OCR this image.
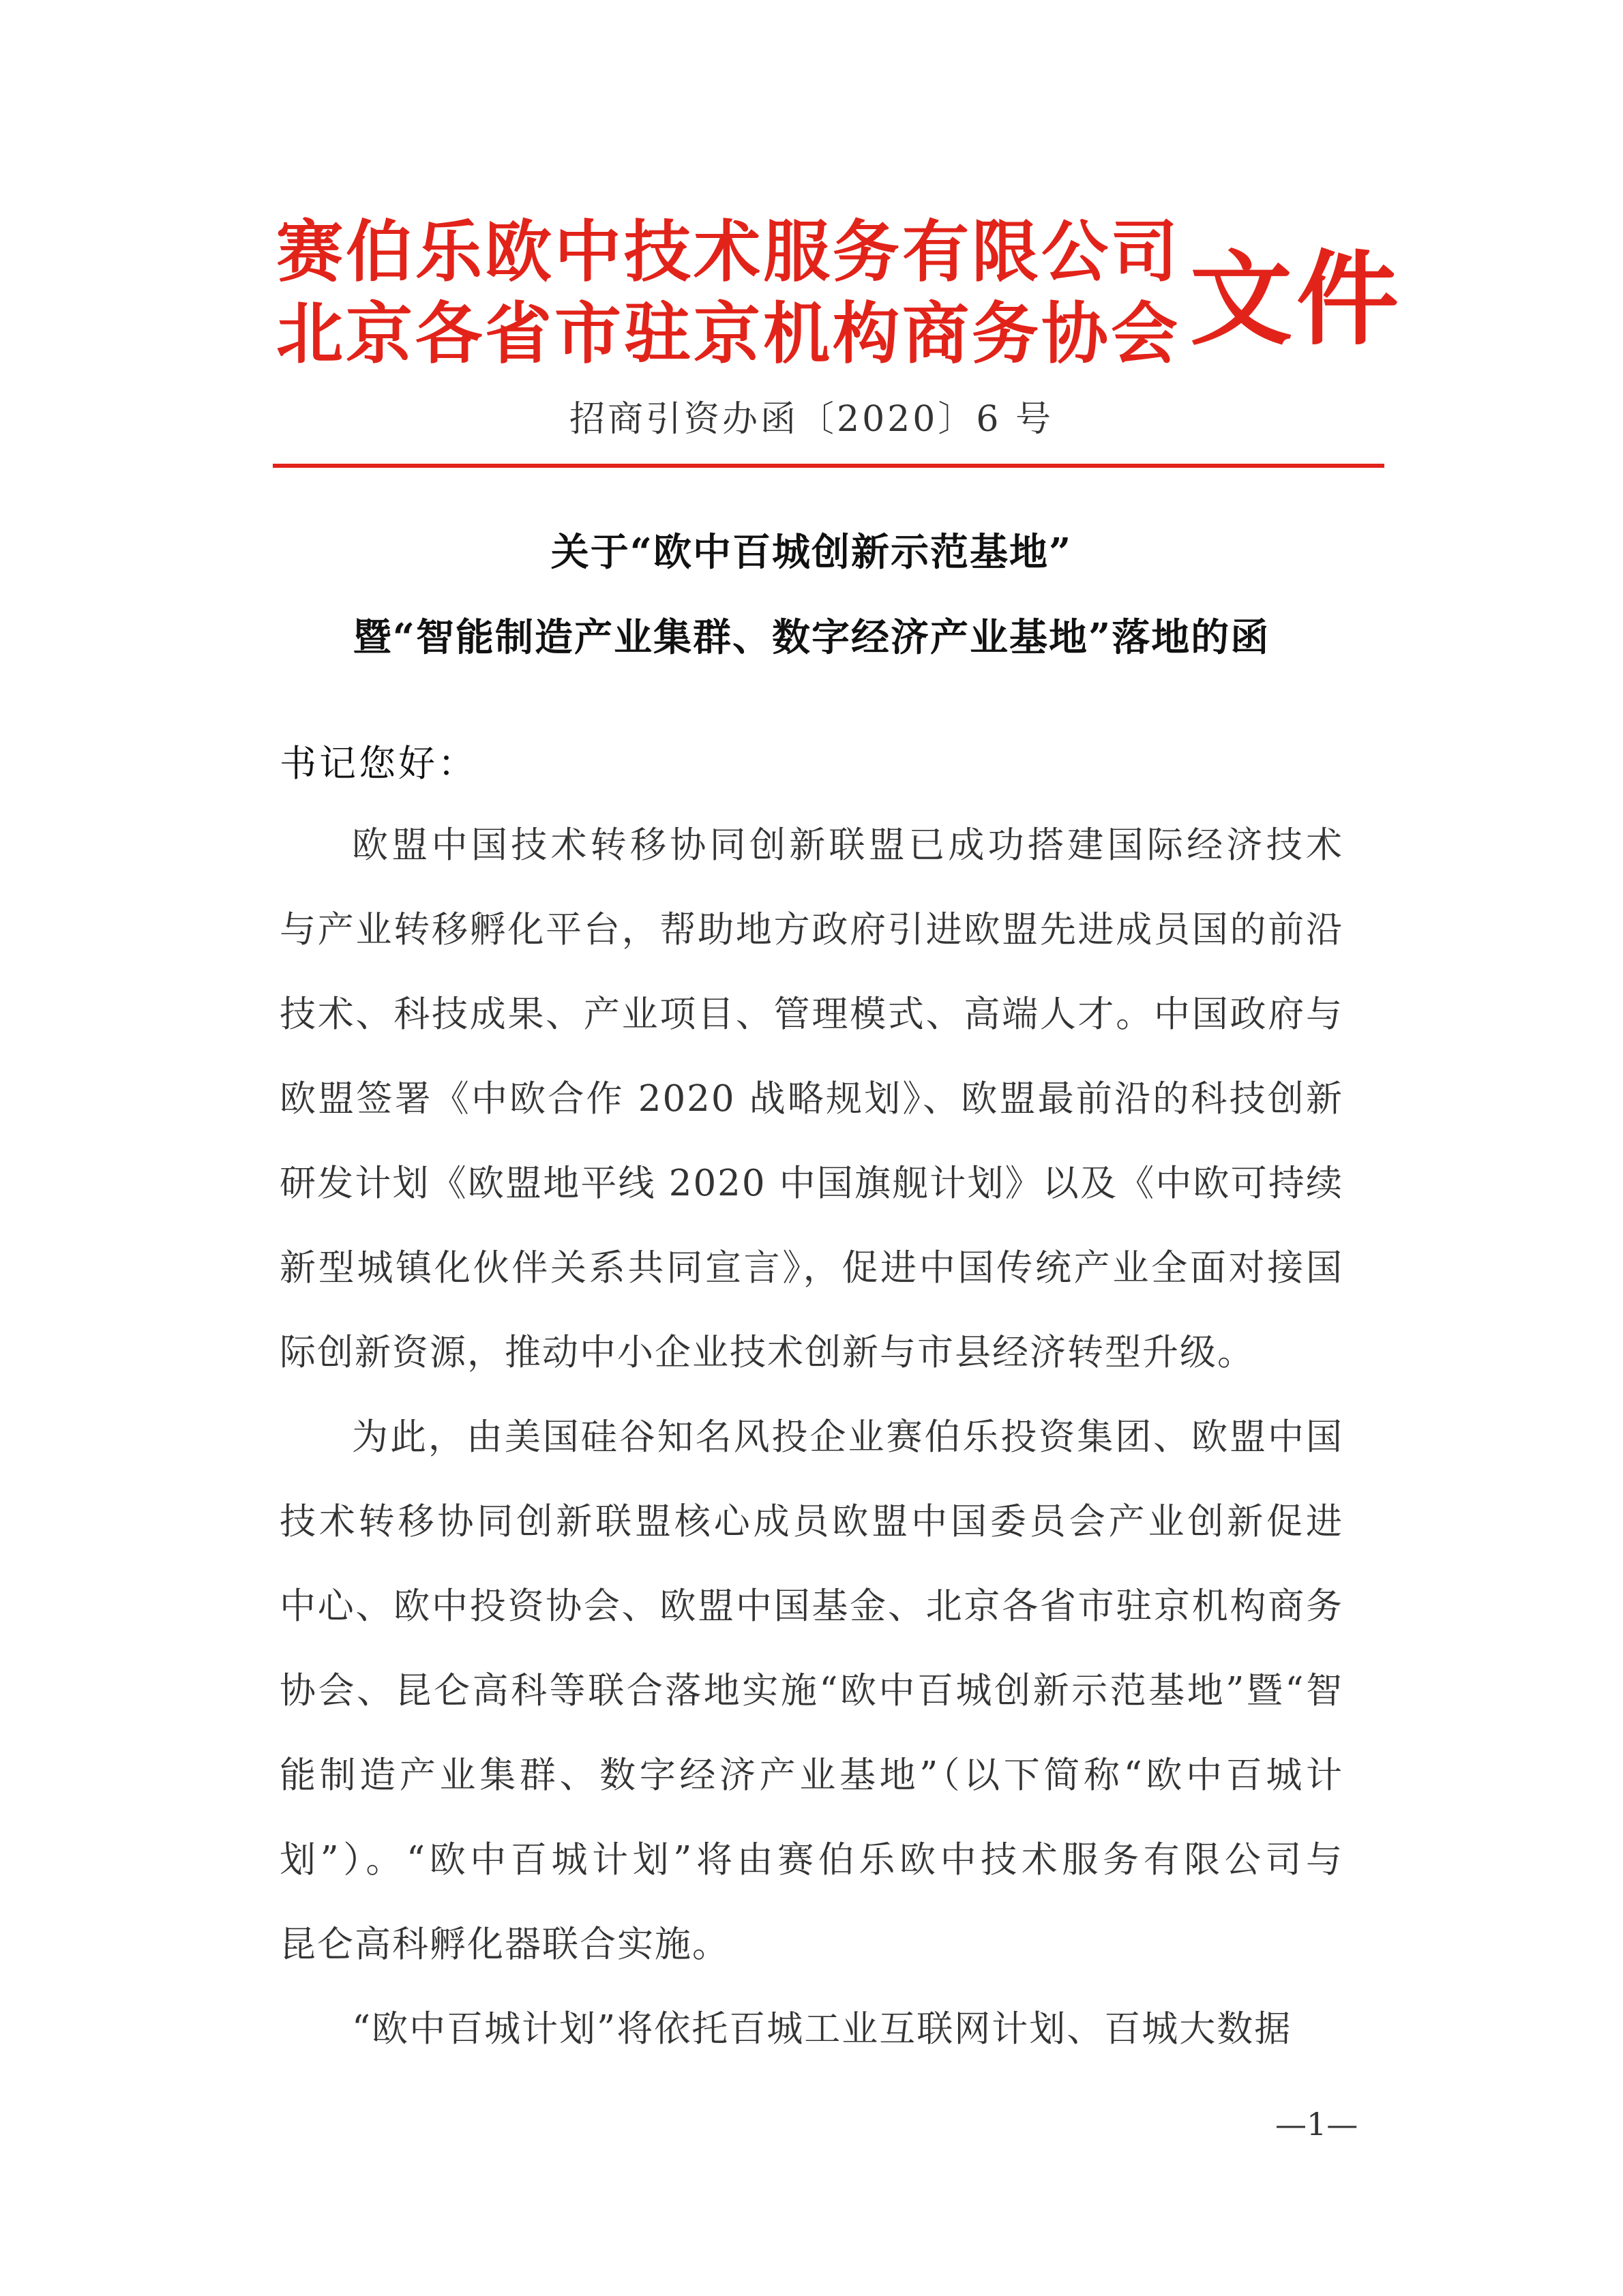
赛伯乐欧中技术服务有限公司
北京各省市驻京机构商务协会 文件
招商引资办函〔2020〕6 号
关于“欧中百城创新示范基地”
暨“智能制造产业集群、数字经济产业基地”落地的函
书记您好：
欧盟中国技术转移协同创新联盟已成功搭建国际经济技术
与产业转移孵化平台，帮助地方政府引进欧盟先进成员国的前沿
技术、科技成果、产业项目、管理模式、高端人才。中国政府与
欧盟签署《中欧合作 2020 战略规划》、欧盟最前沿的科技创新
研发计划《欧盟地平线 2020 中国旗舰计划》以及《中欧可持续
新型城镇化伙伴关系共同宣言》，促进中国传统产业全面对接国
际创新资源，推动中小企业技术创新与市县经济转型升级。
为此，由美国硅谷知名风投企业赛伯乐投资集团、欧盟中国
技术转移协同创新联盟核心成员欧盟中国委员会产业创新促进
中心、欧中投资协会、欧盟中国基金、北京各省市驻京机构商务
协会、昆仑高科等联合落地实施“欧中百城创新示范基地”暨“智
能制造产业集群、数字经济产业基地”（以下简称“欧中百城计
划”）。“欧中百城计划”将由赛伯乐欧中技术服务有限公司与
昆仑高科孵化器联合实施。
“欧中百城计划”将依托百城工业互联网计划、百城大数据
—1—
